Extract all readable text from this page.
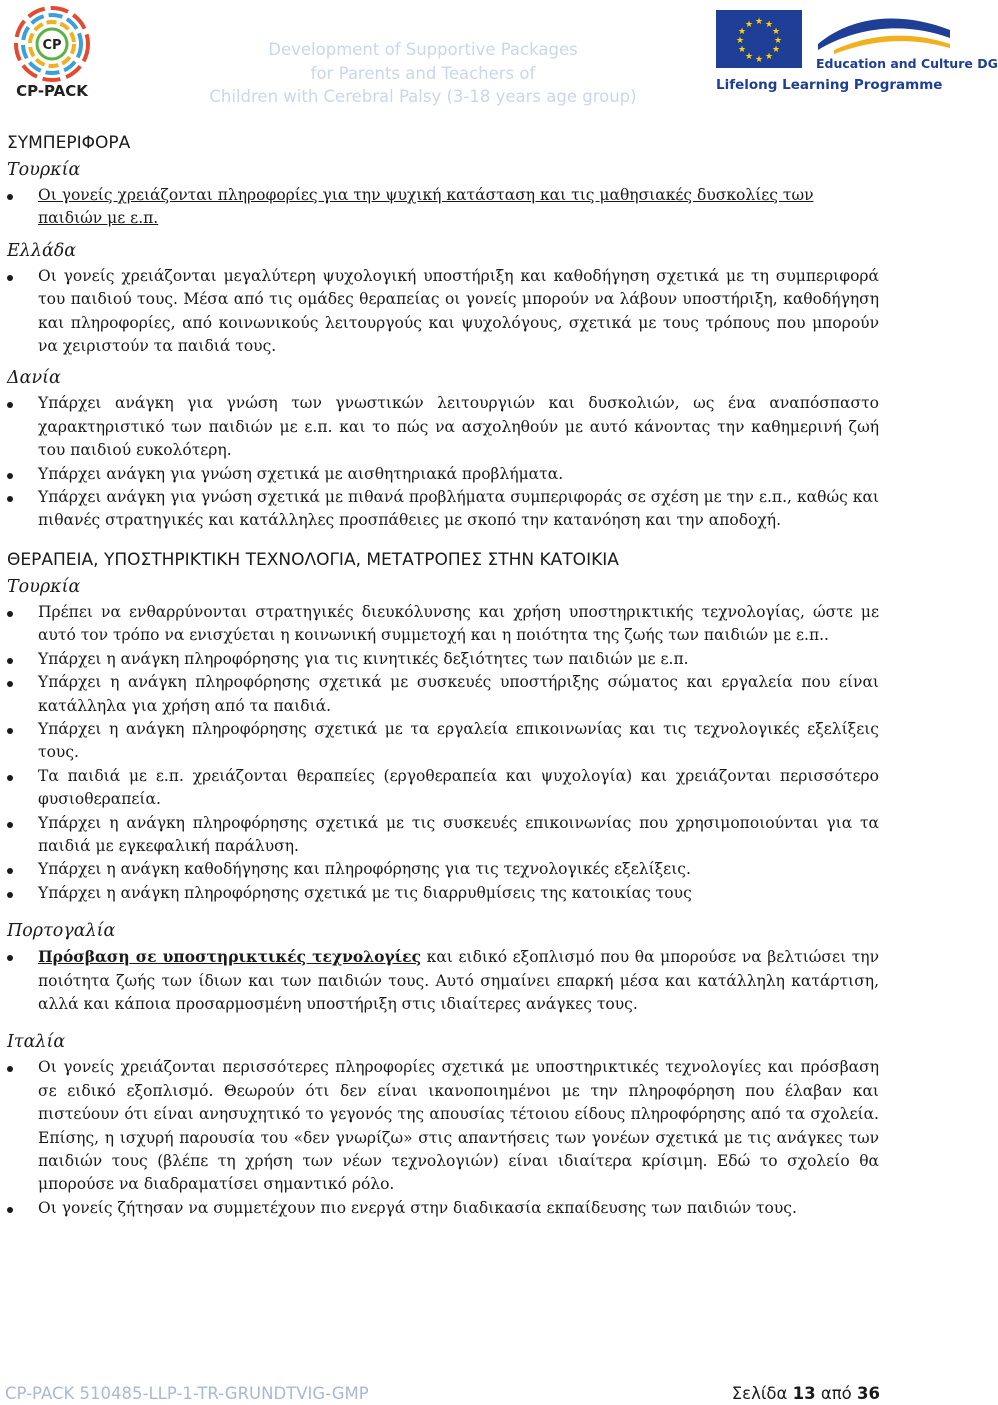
CP
CP-PACK
Development of Supportive Packages
for Parents and Teachers of
Children with Cerebral Palsy (3-18 years age group)
★ ★
★
★
★
★
★
★
★
★
★
★
Education and Culture DG
Lifelong Learning Programme
ΣΥΜΠΕΡΙΦΟΡΑ
Τουρκία
Οι γονείς χρειάζονται πληροφορίες για την ψυχική κατάσταση και τις μαθησιακές δυσκολίες των παιδιών με ε.π.
Ελλάδα
Οι γονείς χρειάζονται μεγαλύτερη ψυχολογική υποστήριξη και καθοδήγηση σχετικά με τη συμπεριφορά του παιδιού τους. Μέσα από τις ομάδες θεραπείας οι γονείς μπορούν να λάβουν υποστήριξη, καθοδήγηση και πληροφορίες, από κοινωνικούς λειτουργούς και ψυχολόγους, σχετικά με τους τρόπους που μπορούν να χειριστούν τα παιδιά τους.
Δανία
Υπάρχει ανάγκη για γνώση των γνωστικών λειτουργιών και δυσκολιών, ως ένα αναπόσπαστο χαρακτηριστικό των παιδιών με ε.π. και το πώς να ασχοληθούν με αυτό κάνοντας την καθημερινή ζωή του παιδιού ευκολότερη.
Υπάρχει ανάγκη για γνώση σχετικά με αισθητηριακά προβλήματα.
Υπάρχει ανάγκη για γνώση σχετικά με πιθανά προβλήματα συμπεριφοράς σε σχέση με την ε.π., καθώς και πιθανές στρατηγικές και κατάλληλες προσπάθειες με σκοπό την κατανόηση και την αποδοχή.
ΘΕΡΑΠΕΙΑ, ΥΠΟΣΤΗΡΙΚΤΙΚΗ ΤΕΧΝΟΛΟΓΙΑ, ΜΕΤΑΤΡΟΠΕΣ ΣΤΗΝ ΚΑΤΟΙΚΙΑ
Τουρκία
Πρέπει να ενθαρρύνονται στρατηγικές διευκόλυνσης και χρήση υποστηρικτικής τεχνολογίας, ώστε με αυτό τον τρόπο να ενισχύεται η κοινωνική συμμετοχή και η ποιότητα της ζωής των παιδιών με ε.π..
Υπάρχει η ανάγκη πληροφόρησης για τις κινητικές δεξιότητες των παιδιών με ε.π.
Υπάρχει η ανάγκη πληροφόρησης σχετικά με συσκευές υποστήριξης σώματος και εργαλεία που είναι κατάλληλα για χρήση από τα παιδιά.
Υπάρχει η ανάγκη πληροφόρησης σχετικά με τα εργαλεία επικοινωνίας και τις τεχνολογικές εξελίξεις τους.
Τα παιδιά με ε.π. χρειάζονται θεραπείες (εργοθεραπεία και ψυχολογία) και χρειάζονται περισσότερο φυσιοθεραπεία.
Υπάρχει η ανάγκη πληροφόρησης σχετικά με τις συσκευές επικοινωνίας που χρησιμοποιούνται για τα παιδιά με εγκεφαλική παράλυση.
Υπάρχει η ανάγκη καθοδήγησης και πληροφόρησης για τις τεχνολογικές εξελίξεις.
Υπάρχει η ανάγκη πληροφόρησης σχετικά με τις διαρρυθμίσεις της κατοικίας τους
Πορτογαλία
Πρόσβαση σε υποστηρικτικές τεχνολογίες και ειδικό εξοπλισμό που θα μπορούσε να βελτιώσει την ποιότητα ζωής των ίδιων και των παιδιών τους. Αυτό σημαίνει επαρκή μέσα και κατάλληλη κατάρτιση, αλλά και κάποια προσαρμοσμένη υποστήριξη στις ιδιαίτερες ανάγκες τους.
Ιταλία
Οι γονείς χρειάζονται περισσότερες πληροφορίες σχετικά με υποστηρικτικές τεχνολογίες και πρόσβαση σε ειδικό εξοπλισμό. Θεωρούν ότι δεν είναι ικανοποιημένοι με την πληροφόρηση που έλαβαν και πιστεύουν ότι είναι ανησυχητικό το γεγονός της απουσίας τέτοιου είδους πληροφόρησης από τα σχολεία. Επίσης, η ισχυρή παρουσία του «δεν γνωρίζω» στις απαντήσεις των γονέων σχετικά με τις ανάγκες των παιδιών τους (βλέπε τη χρήση των νέων τεχνολογιών) είναι ιδιαίτερα κρίσιμη. Εδώ το σχολείο θα μπορούσε να διαδραματίσει σημαντικό ρόλο.
Οι γονείς ζήτησαν να συμμετέχουν πιο ενεργά στην διαδικασία εκπαίδευσης των παιδιών τους.
CP-PACK 510485-LLP-1-TR-GRUNDTVIG-GMP	Σελίδα 13 από 36
